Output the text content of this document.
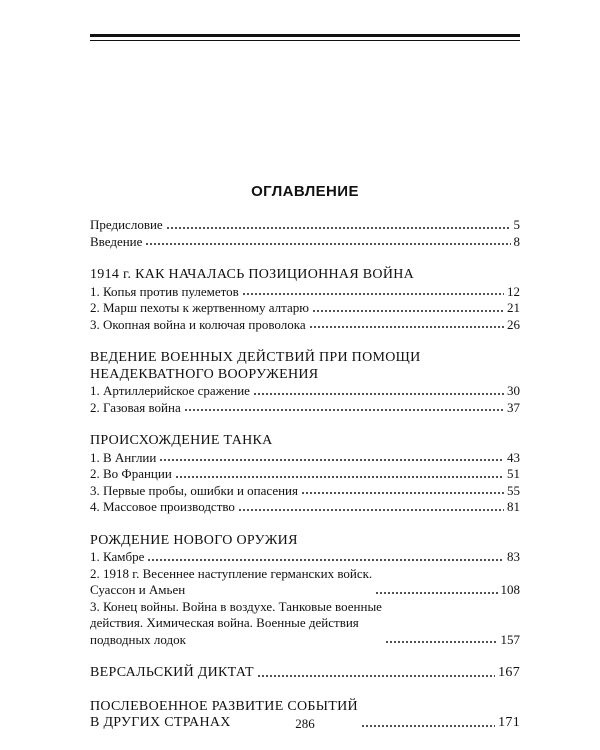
ОГЛАВЛЕНИЕ
Предисловие	5
Введение	8
1914 г. КАК НАЧАЛАСЬ ПОЗИЦИОННАЯ ВОЙНА
1. Копья против пулеметов	12
2. Марш пехоты к жертвенному алтарю	21
3. Окопная война и колючая проволока	26
ВЕДЕНИЕ ВОЕННЫХ ДЕЙСТВИЙ ПРИ ПОМОЩИ
НЕАДЕКВАТНОГО ВООРУЖЕНИЯ
1. Артиллерийское сражение	30
2. Газовая война	37
ПРОИСХОЖДЕНИЕ ТАНКА
1. В Англии	43
2. Во Франции	51
3. Первые пробы, ошибки и опасения	55
4. Массовое производство	81
РОЖДЕНИЕ НОВОГО ОРУЖИЯ
1. Камбре	83
2. 1918 г. Весеннее наступление германских войск.
Суассон и Амьен	108
3. Конец войны. Война в воздухе. Танковые военные
действия. Химическая война. Военные действия
подводных лодок	157
ВЕРСАЛЬСКИЙ ДИКТАТ	167
ПОСЛЕВОЕННОЕ РАЗВИТИЕ СОБЫТИЙ
В ДРУГИХ СТРАНАХ	171
286
